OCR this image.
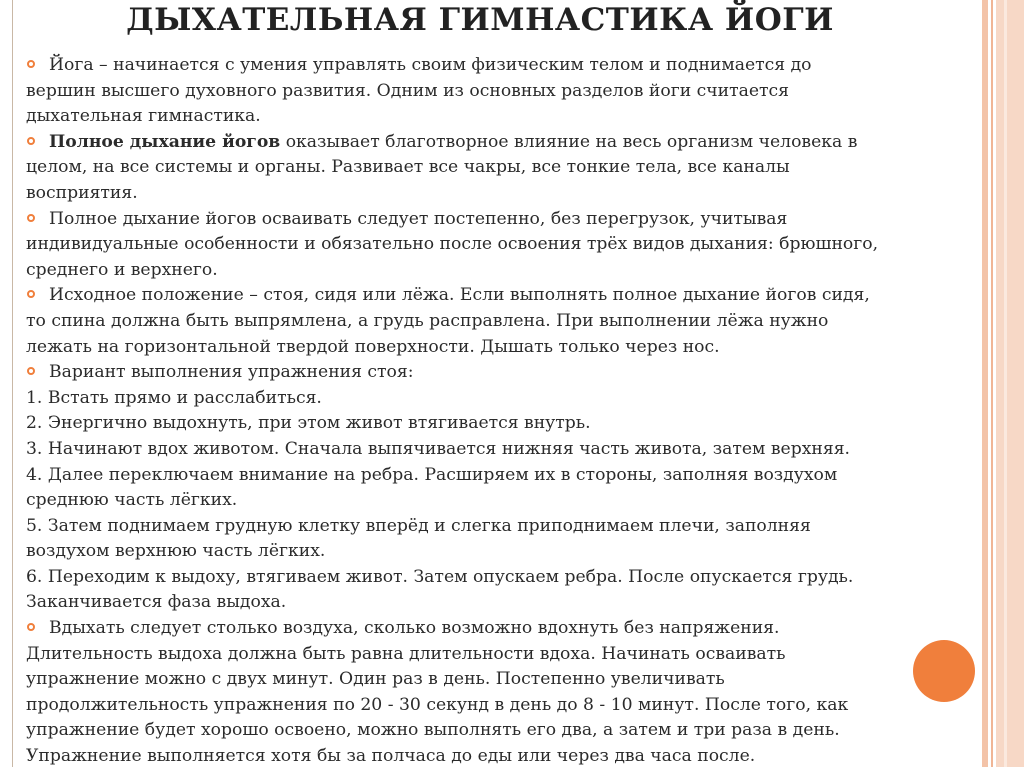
ДЫХАТЕЛЬНАЯ ГИМНАСТИКА ЙОГИ
Йога – начинается с умения управлять своим физическим телом и поднимается до
вершин высшего духовного развития. Одним из основных разделов йоги считается
дыхательная гимнастика.
Полное дыхание йогов оказывает благотворное влияние на весь организм человека в
целом, на все системы и органы. Развивает все чакры, все тонкие тела, все каналы
восприятия.
Полное дыхание йогов осваивать следует постепенно, без перегрузок, учитывая
индивидуальные особенности и обязательно после освоения трёх видов дыхания: брюшного,
среднего и верхнего.
Исходное положение – стоя, сидя или лёжа. Если выполнять полное дыхание йогов сидя,
то спина должна быть выпрямлена, а грудь расправлена. При выполнении лёжа нужно
лежать на горизонтальной твердой поверхности. Дышать только через нос.
Вариант выполнения упражнения стоя:
1. Встать прямо и расслабиться.
2. Энергично выдохнуть, при этом живот втягивается внутрь.
3. Начинают вдох животом. Сначала выпячивается нижняя часть живота, затем верхняя.
4. Далее переключаем внимание на ребра. Расширяем их в стороны, заполняя воздухом
среднюю часть лёгких.
5. Затем поднимаем грудную клетку вперёд и слегка приподнимаем плечи, заполняя
воздухом верхнюю часть лёгких.
6. Переходим к выдоху, втягиваем живот. Затем опускаем ребра. После опускается грудь.
Заканчивается фаза выдоха.
Вдыхать следует столько воздуха, сколько возможно вдохнуть без напряжения.
Длительность выдоха должна быть равна длительности вдоха. Начинать осваивать
упражнение можно с двух минут. Один раз в день. Постепенно увеличивать
продолжительность упражнения по 20 - 30 секунд в день до 8 - 10 минут. После того, как
упражнение будет хорошо освоено, можно выполнять его два, а затем и три раза в день.
Упражнение выполняется хотя бы за полчаса до еды или через два часа после.
